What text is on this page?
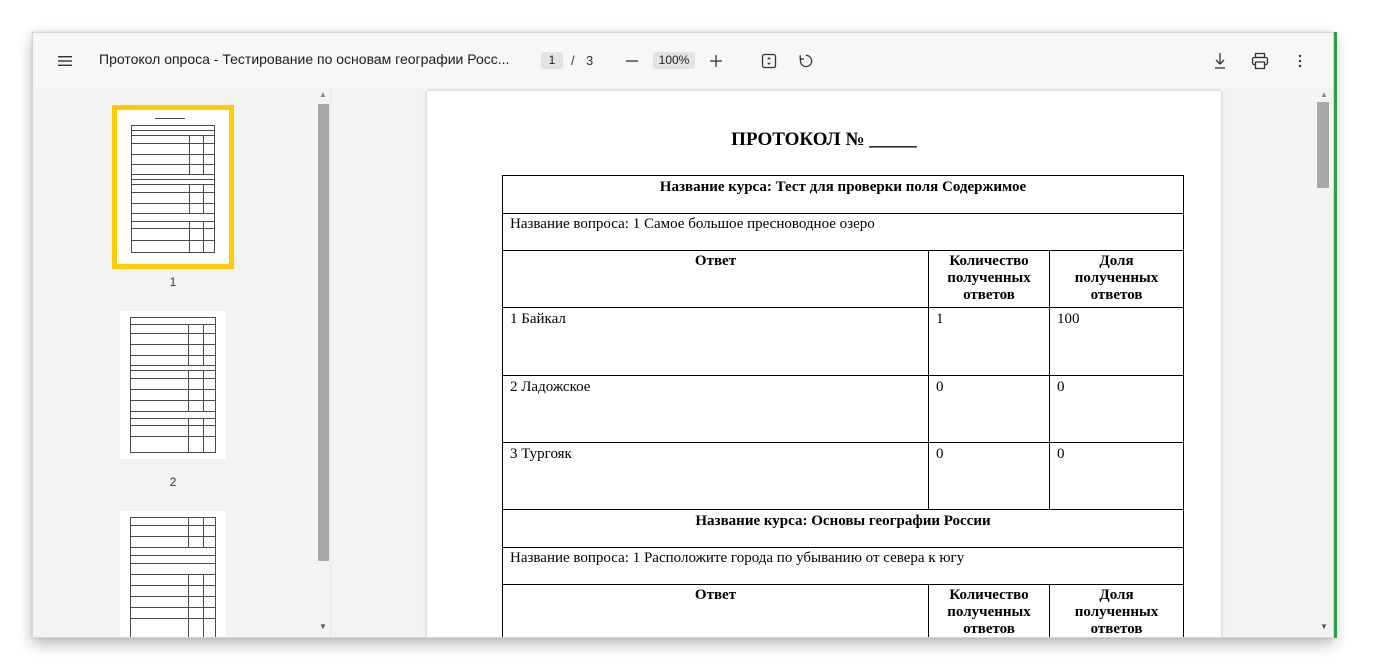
Протокол опроса - Тестирование по основам географии Росс...	1	/ 3	100%
1
2
▲
▼
ПРОТОКОЛ № _____
Название курса: Тест для проверки поля Содержимое		
Название вопроса: 1 Самое большое пресноводное озеро		
Ответ	Количество полученных ответов	Доля полученных ответов
1 Байкал	1	100
2 Ладожское	0	0
3 Тургояк	0	0
Название курса: Основы географии России		
Название вопроса: 1 Расположите города по убыванию от севера к югу		
Ответ	Количество полученных ответов	Доля полученных ответов
▲
▼
